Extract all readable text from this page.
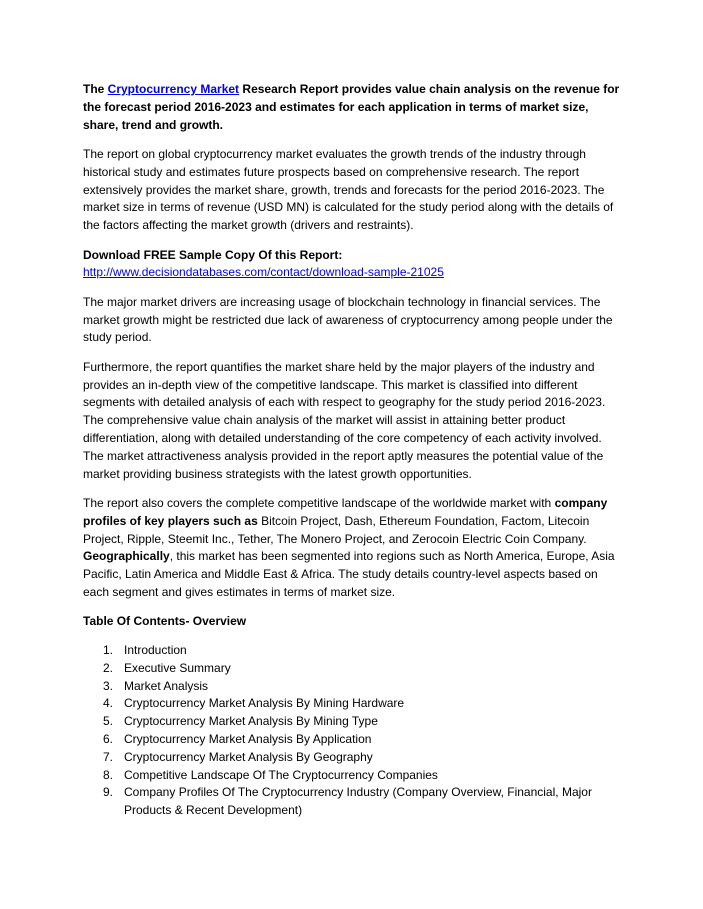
The Cryptocurrency Market Research Report provides value chain analysis on the revenue for the forecast period 2016-2023 and estimates for each application in terms of market size, share, trend and growth.

The report on global cryptocurrency market evaluates the growth trends of the industry through historical study and estimates future prospects based on comprehensive research. The report extensively provides the market share, growth, trends and forecasts for the period 2016-2023. The market size in terms of revenue (USD MN) is calculated for the study period along with the details of the factors affecting the market growth (drivers and restraints).

Download FREE Sample Copy Of this Report: http://www.decisiondatabases.com/contact/download-sample-21025

The major market drivers are increasing usage of blockchain technology in financial services. The market growth might be restricted due lack of awareness of cryptocurrency among people under the study period.

Furthermore, the report quantifies the market share held by the major players of the industry and provides an in-depth view of the competitive landscape. This market is classified into different segments with detailed analysis of each with respect to geography for the study period 2016-2023. The comprehensive value chain analysis of the market will assist in attaining better product differentiation, along with detailed understanding of the core competency of each activity involved. The market attractiveness analysis provided in the report aptly measures the potential value of the market providing business strategists with the latest growth opportunities.

The report also covers the complete competitive landscape of the worldwide market with company profiles of key players such as Bitcoin Project, Dash, Ethereum Foundation, Factom, Litecoin Project, Ripple, Steemit Inc., Tether, The Monero Project, and Zerocoin Electric Coin Company. Geographically, this market has been segmented into regions such as North America, Europe, Asia Pacific, Latin America and Middle East & Africa. The study details country-level aspects based on each segment and gives estimates in terms of market size.

Table Of Contents- Overview
1. Introduction
2. Executive Summary
3. Market Analysis
4. Cryptocurrency Market Analysis By Mining Hardware
5. Cryptocurrency Market Analysis By Mining Type
6. Cryptocurrency Market Analysis By Application
7. Cryptocurrency Market Analysis By Geography
8. Competitive Landscape Of The Cryptocurrency Companies
9. Company Profiles Of The Cryptocurrency Industry (Company Overview, Financial, Major Products & Recent Development)
